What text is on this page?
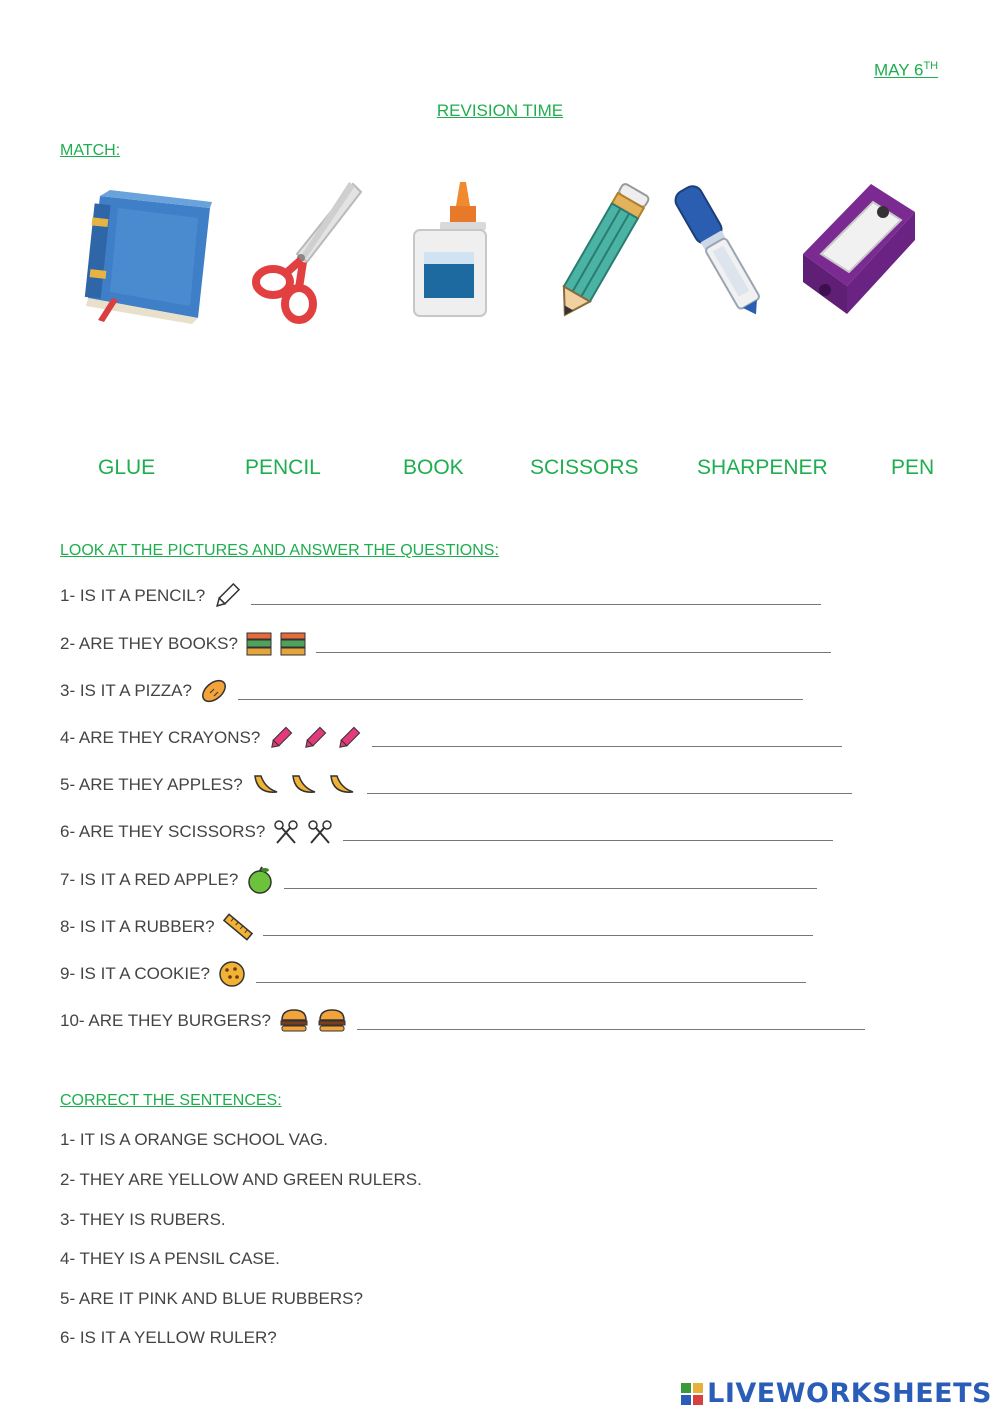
MAY 6TH
REVISION TIME
MATCH:
GLUE	PENCIL	BOOK	SCISSORS	SHARPENER	PEN
LOOK AT THE PICTURES AND ANSWER THE QUESTIONS:
1- IS IT A PENCIL?
2- ARE THEY BOOKS?
3- IS IT A PIZZA?
4- ARE THEY CRAYONS?
5- ARE THEY APPLES?
6- ARE THEY SCISSORS?
7- IS IT A RED APPLE?
8- IS IT A RUBBER?
9- IS IT A COOKIE?
10- ARE THEY BURGERS?
CORRECT THE SENTENCES:
1- IT IS A ORANGE SCHOOL VAG.
2- THEY ARE YELLOW AND GREEN RULERS.
3- THEY IS RUBERS.
4- THEY IS A PENSIL CASE.
5- ARE IT PINK AND BLUE RUBBERS?
6- IS IT A YELLOW RULER?
LIVEWORKSHEETS
